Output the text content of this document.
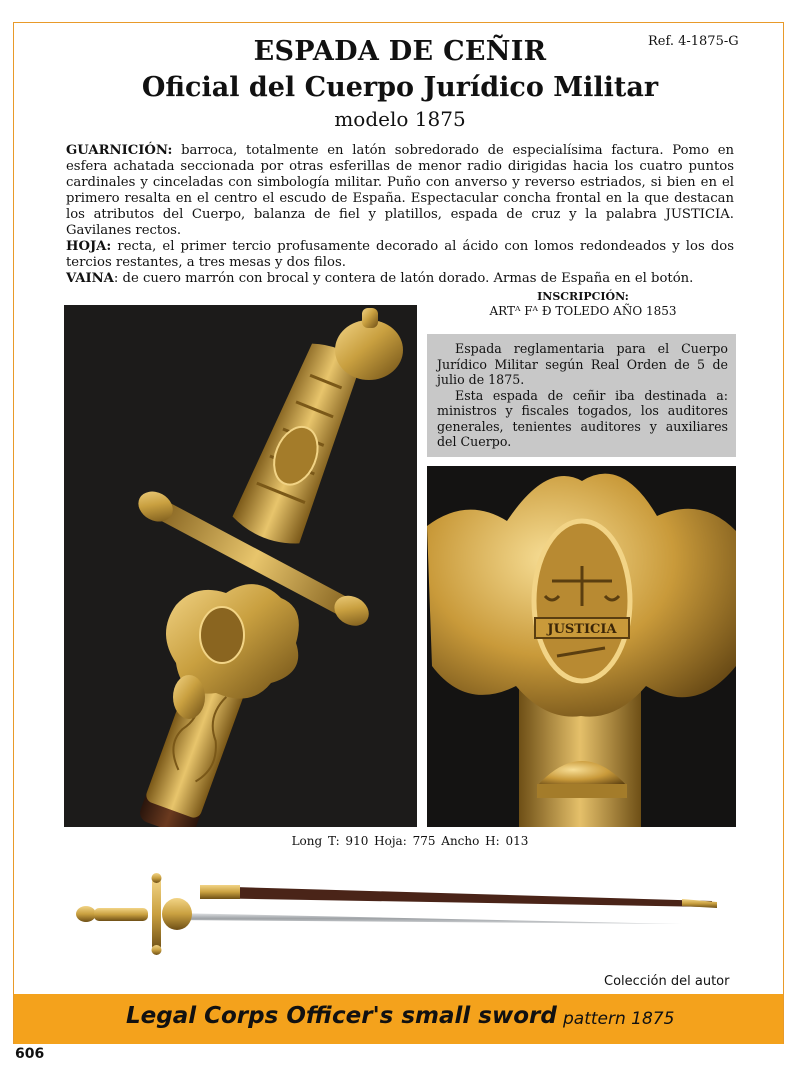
Ref. 4-1875-G
ESPADA DE CEÑIR
Oficial del Cuerpo Jurídico Militar
modelo 1875

GUARNICIÓN: barroca, totalmente en latón sobredorado de especialísima factura. Pomo en esfera achatada seccionada por otras esferillas de menor radio dirigidas hacia los cuatro puntos cardinales y cinceladas con simbología militar. Puño con anverso y reverso estriados, si bien en el primero resalta en el centro el escudo de España. Espectacular concha frontal en la que destacan los atributos del Cuerpo, balanza de fiel y platillos, espada de cruz y la palabra JUSTICIA. Gavilanes rectos.

HOJA: recta, el primer tercio profusamente decorado al ácido con lomos redondeados y los dos tercios restantes, a tres mesas y dos filos.

VAINA: de cuero marrón con brocal y contera de latón dorado. Armas de España en el botón.

INSCRIPCIÓN:
ARTᴬ Fᴬ Ð TOLEDO AÑO 1853

Espada reglamentaria para el Cuerpo Jurídico Militar según Real Orden de 5 de julio de 1875.

Esta espada de ceñir iba destinada a: ministros y fiscales togados, los auditores generales, tenientes auditores y auxiliares del Cuerpo.

JUSTICIA
Long T: 910 Hoja: 775 Ancho H: 013
Colección del autor
Legal Corps Officer's small sword pattern 1875
606
